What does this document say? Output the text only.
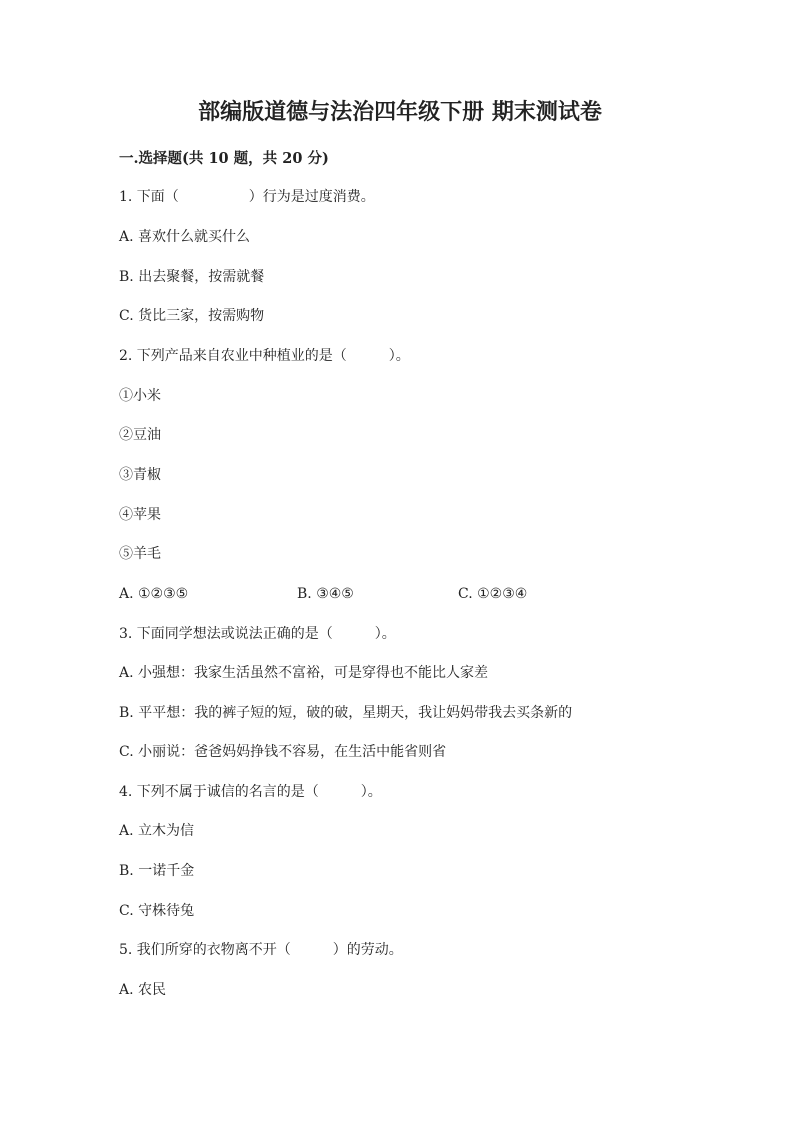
部编版道德与法治四年级下册 期末测试卷
一.选择题(共 10 题，共 20 分)
1. 下面（　　　　　）行为是过度消费。
A. 喜欢什么就买什么
B. 出去聚餐，按需就餐
C. 货比三家，按需购物
2. 下列产品来自农业中种植业的是（　　　）。
①小米
②豆油
③青椒
④苹果
⑤羊毛
A. ①②③⑤	B. ③④⑤	C. ①②③④
3. 下面同学想法或说法正确的是（　　　）。
A. 小强想：我家生活虽然不富裕，可是穿得也不能比人家差
B. 平平想：我的裤子短的短，破的破，星期天，我让妈妈带我去买条新的
C. 小丽说：爸爸妈妈挣钱不容易，在生活中能省则省
4. 下列不属于诚信的名言的是（　　　）。
A. 立木为信
B. 一诺千金
C. 守株待兔
5. 我们所穿的衣物离不开（　　　）的劳动。
A. 农民
